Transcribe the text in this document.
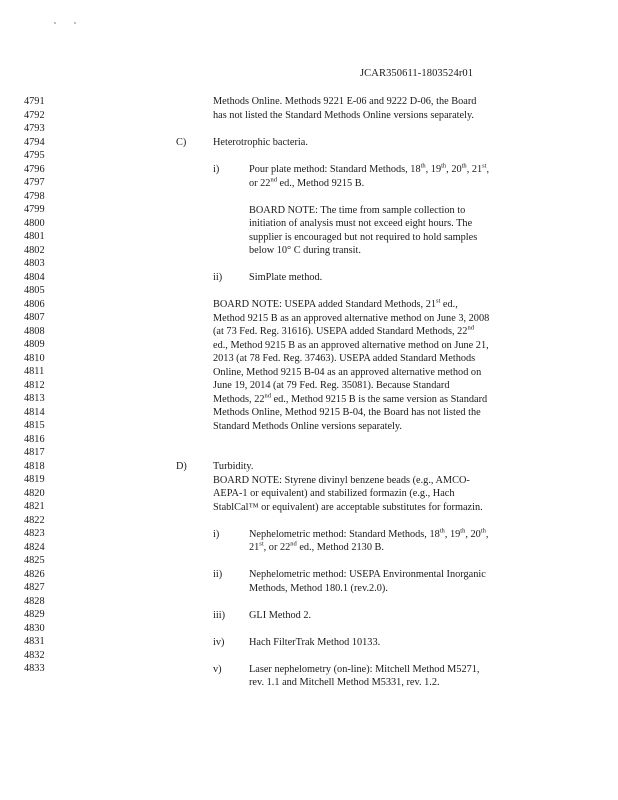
JCAR350611-1803524r01
4791
4792
4793
4794
4795
4796
4797
4798
4799
4800
4801
4802
4803
4804
4805
4806
4807
4808
4809
4810
4811
4812
4813
4814
4815
4816
4817
4818
4819
4820
4821
4822
4823
4824
4825
4826
4827
4828
4829
4830
4831
4832
4833
Methods Online. Methods 9221 E-06 and 9222 D-06, the Board
has not listed the Standard Methods Online versions separately.
C)	Heterotrophic bacteria.
i)	Pour plate method: Standard Methods, 18th, 19th, 20th, 21st,
or 22nd ed., Method 9215 B.
BOARD NOTE: The time from sample collection to
initiation of analysis must not exceed eight hours. The
supplier is encouraged but not required to hold samples
below 10° C during transit.
ii)	SimPlate method.
BOARD NOTE: USEPA added Standard Methods, 21st ed.,
Method 9215 B as an approved alternative method on June 3, 2008
(at 73 Fed. Reg. 31616). USEPA added Standard Methods, 22nd
ed., Method 9215 B as an approved alternative method on June 21,
2013 (at 78 Fed. Reg. 37463). USEPA added Standard Methods
Online, Method 9215 B-04 as an approved alternative method on
June 19, 2014 (at 79 Fed. Reg. 35081). Because Standard
Methods, 22nd ed., Method 9215 B is the same version as Standard
Methods Online, Method 9215 B-04, the Board has not listed the
Standard Methods Online versions separately.
D)	Turbidity.
BOARD NOTE: Styrene divinyl benzene beads (e.g., AMCO-
AEPA-1 or equivalent) and stabilized formazin (e.g., Hach
StablCal™ or equivalent) are acceptable substitutes for formazin.
i)	Nephelometric method: Standard Methods, 18th, 19th, 20th,
21st, or 22nd ed., Method 2130 B.
ii)	Nephelometric method: USEPA Environmental Inorganic
Methods, Method 180.1 (rev.2.0).
iii) GLI Method 2.
iv) Hach FilterTrak Method 10133.
v)	Laser nephelometry (on-line): Mitchell Method M5271,
rev. 1.1 and Mitchell Method M5331, rev. 1.2.
